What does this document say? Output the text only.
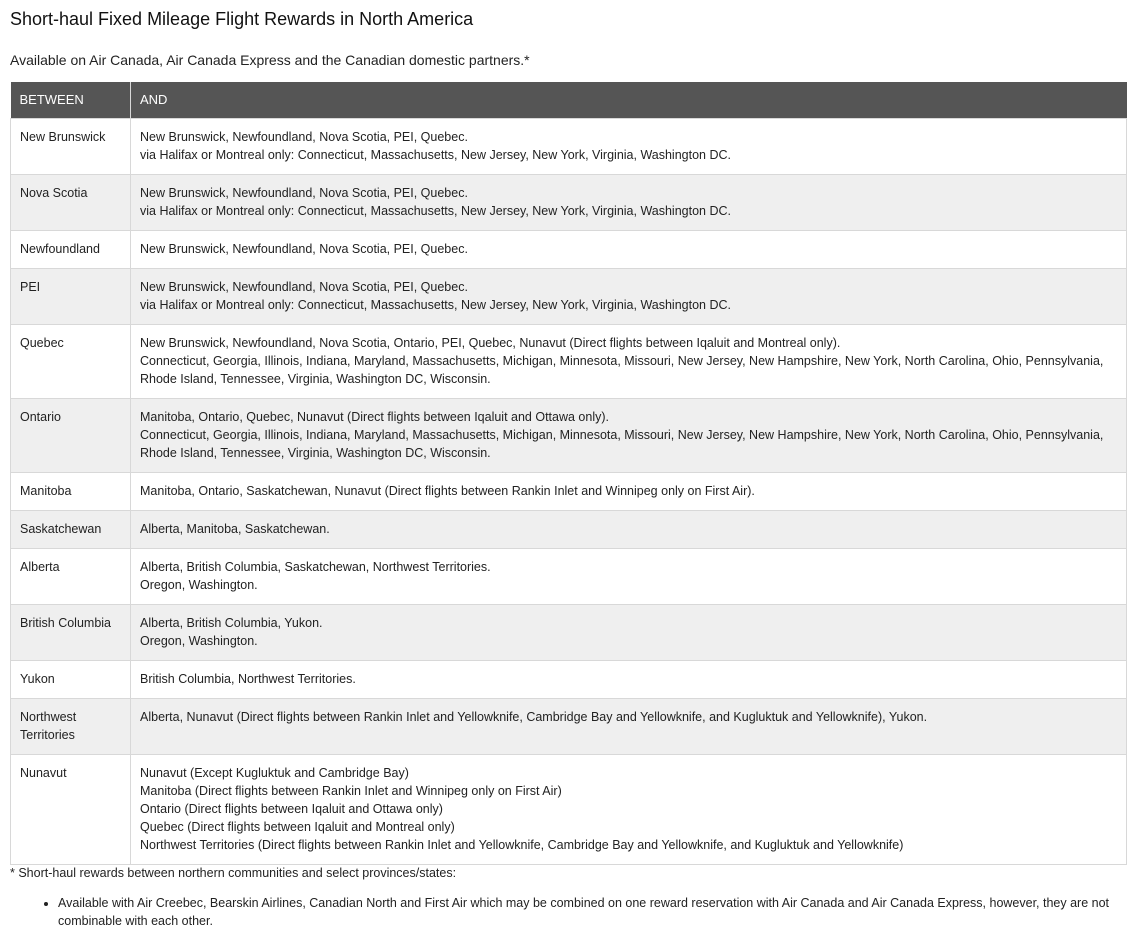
Short-haul Fixed Mileage Flight Rewards in North America

Available on Air Canada, Air Canada Express and the Canadian domestic partners.*

BETWEEN	AND
New Brunswick	New Brunswick, Newfoundland, Nova Scotia, PEI, Quebec.
via Halifax or Montreal only: Connecticut, Massachusetts, New Jersey, New York, Virginia, Washington DC.

Nova Scotia	New Brunswick, Newfoundland, Nova Scotia, PEI, Quebec.
via Halifax or Montreal only: Connecticut, Massachusetts, New Jersey, New York, Virginia, Washington DC.

Newfoundland	New Brunswick, Newfoundland, Nova Scotia, PEI, Quebec.

PEI	New Brunswick, Newfoundland, Nova Scotia, PEI, Quebec.
via Halifax or Montreal only: Connecticut, Massachusetts, New Jersey, New York, Virginia, Washington DC.

Quebec	New Brunswick, Newfoundland, Nova Scotia, Ontario, PEI, Quebec, Nunavut (Direct flights between Iqaluit and Montreal only).
Connecticut, Georgia, Illinois, Indiana, Maryland, Massachusetts, Michigan, Minnesota, Missouri, New Jersey, New Hampshire, New York, North Carolina, Ohio, Pennsylvania, Rhode Island, Tennessee, Virginia, Washington DC, Wisconsin.

Ontario	Manitoba, Ontario, Quebec, Nunavut (Direct flights between Iqaluit and Ottawa only).
Connecticut, Georgia, Illinois, Indiana, Maryland, Massachusetts, Michigan, Minnesota, Missouri, New Jersey, New Hampshire, New York, North Carolina, Ohio, Pennsylvania, Rhode Island, Tennessee, Virginia, Washington DC, Wisconsin.

Manitoba	Manitoba, Ontario, Saskatchewan, Nunavut (Direct flights between Rankin Inlet and Winnipeg only on First Air).

Saskatchewan	Alberta, Manitoba, Saskatchewan.

Alberta	Alberta, British Columbia, Saskatchewan, Northwest Territories.
Oregon, Washington.

British Columbia	Alberta, British Columbia, Yukon.
Oregon, Washington.

Yukon	British Columbia, Northwest Territories.

Northwest Territories	Alberta, Nunavut (Direct flights between Rankin Inlet and Yellowknife, Cambridge Bay and Yellowknife, and Kugluktuk and Yellowknife), Yukon.

Nunavut	Nunavut (Except Kugluktuk and Cambridge Bay)
Manitoba (Direct flights between Rankin Inlet and Winnipeg only on First Air)
Ontario (Direct flights between Iqaluit and Ottawa only)
Quebec (Direct flights between Iqaluit and Montreal only)
Northwest Territories (Direct flights between Rankin Inlet and Yellowknife, Cambridge Bay and Yellowknife, and Kugluktuk and Yellowknife)

* Short-haul rewards between northern communities and select provinces/states:

• Available with Air Creebec, Bearskin Airlines, Canadian North and First Air which may be combined on one reward reservation with Air Canada and Air Canada Express, however, they are not combinable with each other.
